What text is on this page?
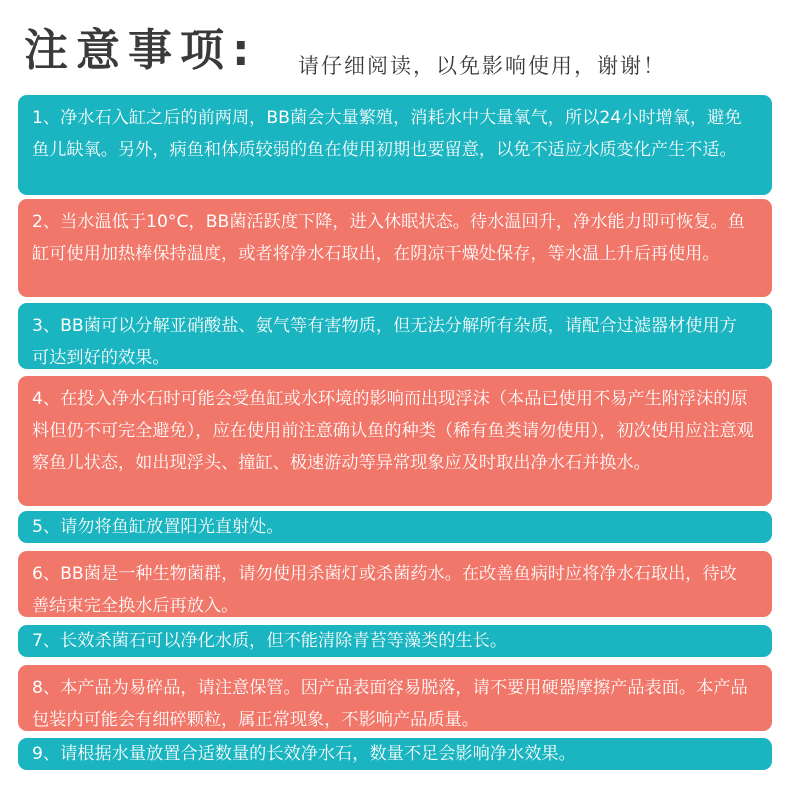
注意事项: 请仔细阅读，以免影响使用，谢谢！
1、净水石入缸之后的前两周，BB菌会大量繁殖，消耗水中大量氧气，所以24小时增氧，避免鱼儿缺氧。另外，病鱼和体质较弱的鱼在使用初期也要留意，以免不适应水质变化产生不适。
2、当水温低于10°C，BB菌活跃度下降，进入休眠状态。待水温回升，净水能力即可恢复。鱼缸可使用加热棒保持温度，或者将净水石取出，在阴凉干燥处保存，等水温上升后再使用。
3、BB菌可以分解亚硝酸盐、氨气等有害物质，但无法分解所有杂质，请配合过滤器材使用方可达到好的效果。
4、在投入净水石时可能会受鱼缸或水环境的影响而出现浮沫（本品已使用不易产生附浮沫的原料但仍不可完全避免），应在使用前注意确认鱼的种类（稀有鱼类请勿使用），初次使用应注意观察鱼儿状态，如出现浮头、撞缸、极速游动等异常现象应及时取出净水石并换水。
5、请勿将鱼缸放置阳光直射处。
6、BB菌是一种生物菌群，请勿使用杀菌灯或杀菌药水。在改善鱼病时应将净水石取出，待改善结束完全换水后再放入。
7、长效杀菌石可以净化水质，但不能清除青苔等藻类的生长。
8、本产品为易碎品，请注意保管。因产品表面容易脱落，请不要用硬器摩擦产品表面。本产品包装内可能会有细碎颗粒，属正常现象，不影响产品质量。
9、请根据水量放置合适数量的长效净水石，数量不足会影响净水效果。
